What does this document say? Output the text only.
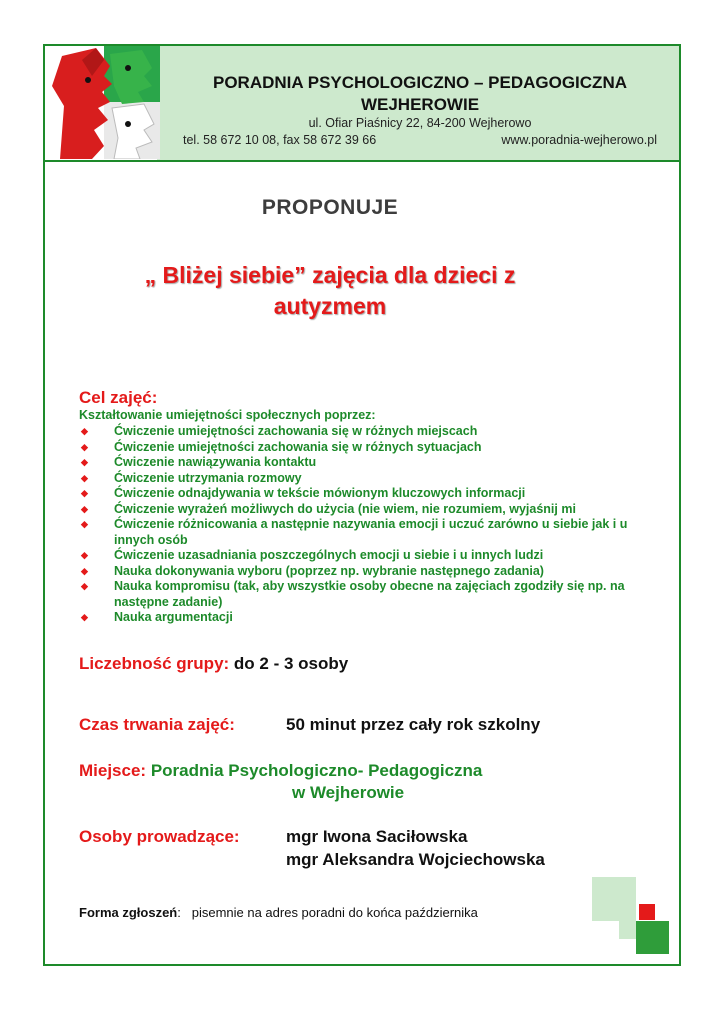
PORADNIA PSYCHOLOGICZNO – PEDAGOGICZNA
WEJHEROWIE
ul. Ofiar Piaśnicy 22, 84-200 Wejherowo
tel. 58 672 10 08, fax 58 672 39 66	www.poradnia-wejherowo.pl
PROPONUJE
„ Bliżej siebie” zajęcia dla dzieci z
autyzmem
Cel zajęć:
Kształtowanie umiejętności społecznych poprzez:
◆ Ćwiczenie umiejętności zachowania się w różnych miejscach
◆ Ćwiczenie umiejętności zachowania się w różnych sytuacjach
◆ Ćwiczenie nawiązywania kontaktu
◆ Ćwiczenie utrzymania rozmowy
◆ Ćwiczenie odnajdywania w tekście mówionym kluczowych informacji
◆ Ćwiczenie wyrażeń możliwych do użycia (nie wiem, nie rozumiem, wyjaśnij mi
◆ Ćwiczenie różnicowania a następnie nazywania emocji i uczuć zarówno u siebie jak i u innych osób
◆ Ćwiczenie uzasadniania poszczególnych emocji u siebie i u innych ludzi
◆ Nauka dokonywania wyboru (poprzez np. wybranie następnego zadania)
◆ Nauka kompromisu (tak, aby wszystkie osoby obecne na zajęciach zgodziły się np. na następne zadanie)
◆ Nauka argumentacji
Liczebność grupy: do 2 - 3 osoby
Czas trwania zajęć:	50 minut przez cały rok szkolny
Miejsce: Poradnia Psychologiczno- Pedagogiczna
w Wejherowie
Osoby prowadzące:	mgr Iwona Saciłowska
mgr Aleksandra Wojciechowska
Forma zgłoszeń: pisemnie na adres poradni do końca października
